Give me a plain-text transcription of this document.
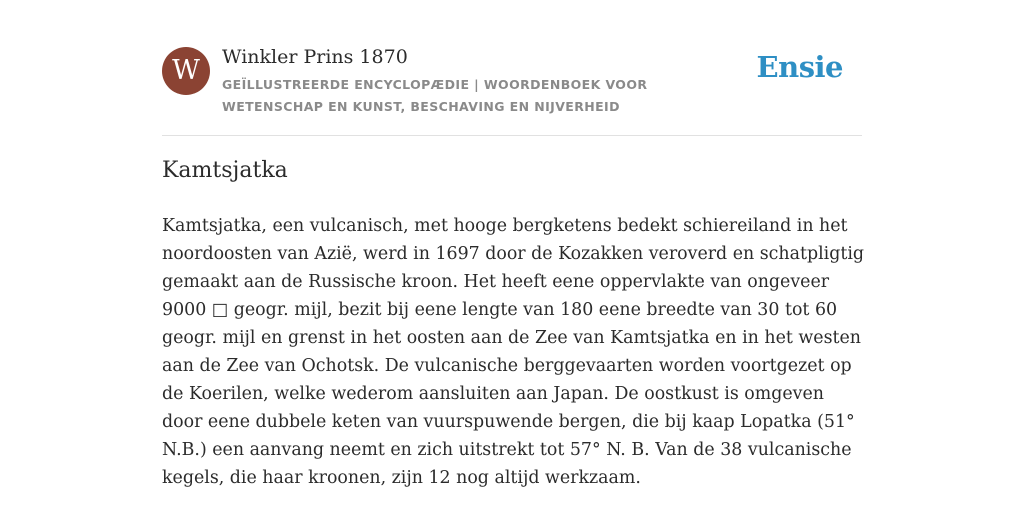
W	Winkler Prins 1870
GEÏLLUSTREERDE ENCYCLOPÆDIE | WOORDENBOEK VOOR WETENSCHAP EN KUNST, BESCHAVING EN NIJVERHEID
Ensie
Kamtsjatka

Kamtsjatka, een vulcanisch, met hooge bergketens bedekt schiereiland in het noordoosten van Azië, werd in 1697 door de Kozakken veroverd en schatpligtig gemaakt aan de Russische kroon. Het heeft eene oppervlakte van ongeveer 9000 □ geogr. mijl, bezit bij eene lengte van 180 eene breedte van 30 tot 60 geogr. mijl en grenst in het oosten aan de Zee van Kamtsjatka en in het westen aan de Zee van Ochotsk. De vulcanische berggevaarten worden voortgezet op de Koerilen, welke wederom aansluiten aan Japan. De oostkust is omgeven door eene dubbele keten van vuurspuwende bergen, die bij kaap Lopatka (51° N.B.) een aanvang neemt en zich uitstrekt tot 57° N. B. Van de 38 vulcanische kegels, die haar kroonen, zijn 12 nog altijd werkzaam.
